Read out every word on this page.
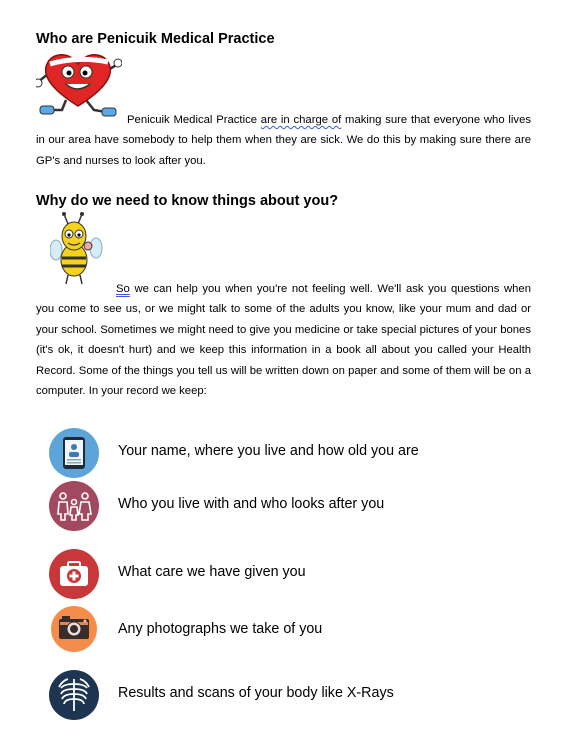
Who are Penicuik Medical Practice

Penicuik Medical Practice are in charge of making sure that everyone who lives in our area have somebody to help them when they are sick. We do this by making sure there are GP's and nurses to look after you.

Why do we need to know things about you?

So we can help you when you're not feeling well. We'll ask you questions when you come to see us, or we might talk to some of the adults you know, like your mum and dad or your school. Sometimes we might need to give you medicine or take special pictures of your bones (it's ok, it doesn't hurt) and we keep this information in a book all about you called your Health Record. Some of the things you tell us will be written down on paper and some of them will be on a computer. In your record we keep:

Your name, where you live and how old you are
Who you live with and who looks after you
What care we have given you
Any photographs we take of you
Results and scans of your body like X-Rays
